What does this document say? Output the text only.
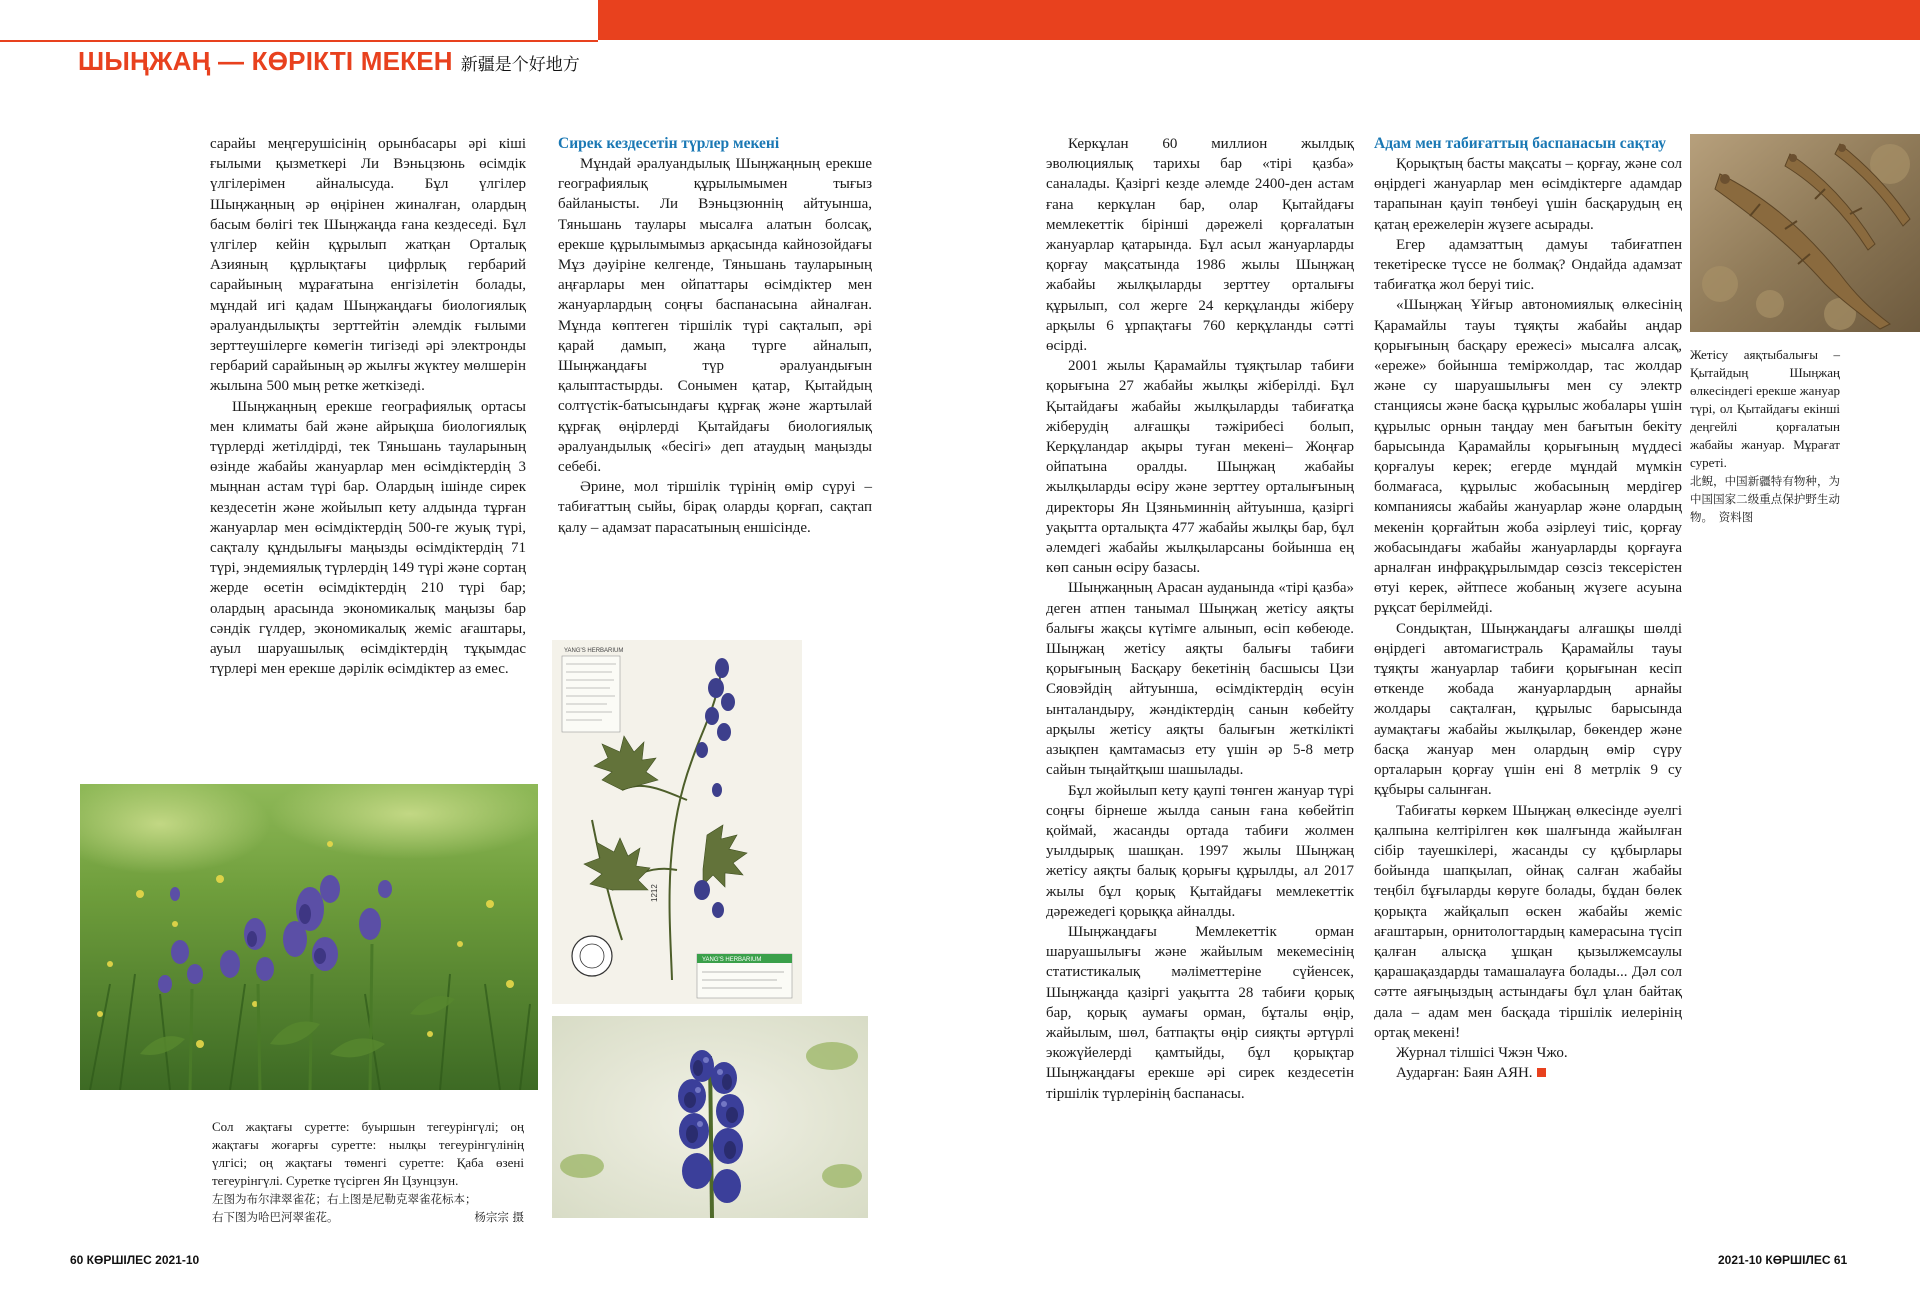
ШЫҢЖАҢ — КӨРІКТІ МЕКЕН 新疆是个好地方

сарайы меңгерушісінің орынбасары әрі кіші ғылыми қызметкері Ли Вэньцзюнь өсімдік үлгілерімен айналысуда. Бұл үлгілер Шыңжаңның әр өңірінен жиналған, олардың басым бөлігі тек Шыңжаңда ғана кездеседі. Бұл үлгілер кейін құрылып жатқан Орталық Азияның құрлықтағы цифрлық гербарий сарайының мұрағатына енгізілетін болады, мұндай игі қадам Шыңжаңдағы биологиялық әралуандылықты зерттейтін әлемдік ғылыми зерттеушілерге көмегін тигізеді әрі электронды гербарий сарайының әр жылғы жүктеу мөлшерін жылына 500 мың ретке жеткізеді.

Шыңжаңның ерекше географиялық ортасы мен климаты бай және айрықша биологиялық түрлерді жетілдірді, тек Тяньшань тауларының өзінде жабайы жануарлар мен өсімдіктердің 3 мыңнан астам түрі бар. Олардың ішінде сирек кездесетін және жойылып кету алдында тұрған жануарлар мен өсімдіктердің 500-ге жуық түрі, сақталу құндылығы маңызды өсімдіктердің 71 түрі, эндемиялық түрлердің 149 түрі және сортаң жерде өсетін өсімдіктердің 210 түрі бар; олардың арасында экономикалық маңызы бар сәндік гүлдер, экономикалық жеміс ағаштары, ауыл шаруашылық өсімдіктердің тұқымдас түрлері мен ерекше дәрілік өсімдіктер аз емес.

Сирек кездесетін түрлер мекені

Мұндай әралуандылық Шыңжаңның ерекше географиялық құрылымымен тығыз байланысты. Ли Вэньцзюннің айтуынша, Тяньшань таулары мысалға алатын болсақ, ерекше құрылымымыз арқасында кайнозойдағы Мұз дәуіріне келгенде, Тяньшань тауларының аңғарлары мен ойпаттары өсімдіктер мен жануарлардың соңғы баспанасына айналған. Мұнда көптеген тіршілік түрі сақталып, әрі қарай дамып, жаңа түрге айналып, Шыңжаңдағы түр әралуандығын қалыптастырды. Сонымен қатар, Қытайдың солтүстік-батысындағы құрғақ және жартылай құрғақ өңірлерді Қытайдағы биологиялық әралуандылық «бесігі» деп атаудың маңызды себебі.

Әрине, мол тіршілік түрінің өмір сүруі – табиғаттың сыйы, бірақ оларды қорғап, сақтап қалу – адамзат парасатының еншісінде.

Керкұлан 60 миллион жылдық эволюциялық тарихы бар «тірі қазба» саналады. Қазіргі кезде әлемде 2400-ден астам ғана керкұлан бар, олар Қытайдағы мемлекеттік бірінші дәрежелі қорғалатын жануарлар қатарында. Бұл асыл жануарларды қорғау мақсатында 1986 жылы Шыңжаң жабайы жылқыларды зерттеу орталығы құрылып, сол жерге 24 керқұланды жіберу арқылы 6 ұрпақтағы 760 керқұланды сәтті өсірді.

2001 жылы Қарамайлы тұяқтылар табиғи қорығына 27 жабайы жылқы жіберілді. Бұл Қытайдағы жабайы жылқыларды табиғатқа жіберудің алғашқы тәжірибесі болып, Керқұландар ақыры туған мекені– Жоңғар ойпатына оралды. Шыңжаң жабайы жылқыларды өсіру және зерттеу орталығының директоры Ян Цзяньминнің айтуынша, қазіргі уақытта орталықта 477 жабайы жылқы бар, бұл әлемдегі жабайы жылқыларсаны бойынша ең көп санын өсіру базасы.

Шыңжаңның Арасан ауданында «тірі қазба» деген атпен танымал Шыңжаң жетісу аяқты балығы жақсы күтімге алынып, өсіп көбеюде. Шыңжаң жетісу аяқты балығы табиғи қорығының Басқару бекетінің басшысы Цзи Сяовэйдің айтуынша, өсімдіктердің өсуін ынталандыру, жәндіктердің санын көбейту арқылы жетісу аяқты балығын жеткілікті азықпен қамтамасыз ету үшін әр 5-8 метр сайын тыңайтқыш шашылады.

Бұл жойылып кету қаупі төнген жануар түрі соңғы бірнеше жылда санын ғана көбейтіп қоймай, жасанды ортада табиғи жолмен уылдырық шашқан. 1997 жылы Шыңжаң жетісу аяқты балық қорығы құрылды, ал 2017 жылы бұл қорық Қытайдағы мемлекеттік дәрежедегі қорыққа айналды.

Шыңжаңдағы Мемлекеттік орман шаруашылығы және жайылым мекемесінің статистикалық мәліметтеріне сүйенсек, Шыңжаңда қазіргі уақытта 28 табиғи қорық бар, қорық аумағы орман, бұталы өңір, жайылым, шөл, батпақты өңір сияқты әртүрлі экожүйелерді қамтыйды, бұл қорықтар Шыңжаңдағы ерекше әрі сирек кездесетін тіршілік түрлерінің баспанасы.

Адам мен табиғаттың баспанасын сақтау

Қорықтың басты мақсаты – қорғау, және сол өңірдегі жануарлар мен өсімдіктерге адамдар тарапынан қауіп төнбеуі үшін басқарудың ең қатаң ережелерін жүзеге асырады.

Егер адамзаттың дамуы табиғатпен текетіреске түссе не болмақ? Ондайда адамзат табиғатқа жол беруі тиіс.

«Шыңжаң Ұйғыр автономиялық өлкесінің Қарамайлы тауы тұяқты жабайы аңдар қорығының басқару ережесі» мысалға алсақ, «ереже» бойынша теміржолдар, тас жолдар және су шаруашылығы мен су электр станциясы және басқа құрылыс жобалары үшін құрылыс орнын таңдау мен бағытын бекіту барысында Қарамайлы қорығының мүддесі қорғалуы керек; егерде мұндай мүмкін болмағаса, құрылыс жобасының мердігер компаниясы жабайы жануарлар және олардың мекенін қорғайтын жоба әзірлеуі тиіс, қорғау жобасындағы жабайы жануарларды қорғауға арналған инфрақұрылымдар сөзсіз тексерістен өтуі керек, әйтпесе жобаның жүзеге асуына рұқсат берілмейді.

Сондықтан, Шыңжаңдағы алғашқы шөлді өңірдегі автомагистраль Қарамайлы тауы тұяқты жануарлар табиғи қорығынан кесіп өткенде жобада жануарлардың арнайы жолдары сақталған, құрылыс барысында аумақтағы жабайы жылқылар, бөкендер және басқа жануар мен олардың өмір сүру орталарын қорғау үшін ені 8 метрлік 9 су құбыры салынған.

Табиғаты көркем Шыңжаң өлкесінде әуелгі қалпына келтірілген көк шалғында жайылған сібір тауешкілері, жасанды су құбырлары бойында шапқылап, ойнақ салған жабайы теңбіл бұғыларды көруге болады, бұдан бөлек қорықта жайқалып өскен жабайы жеміс ағаштарын, орнитологтардың камерасына түсіп қалған алысқа ұшқан қызылжемсаулы қарашақаздарды тамашалауға болады... Дәл сол сәтте аяғыңыздың астындағы бұл ұлан байтақ дала – адам мен басқада тіршілік иелерінің ортақ мекені!

Журнал тілшісі Чжэн Чжо.

Аударған: Баян АЯН.

YANG'S HERBARIUM
YANG'S HERBARIUM
1212
Сол жақтағы суретте: буыршын тегеурінгүлі; оң жақтағы жоғарғы суретте: нылқы тегеурінгүлінің үлгісі; оң жақтағы төменгі суретте: Қаба өзені тегеурінгүлі. Суретке түсірген Ян Цзунцзун.
左图为布尔津翠雀花；右上图是尼勒克翠雀花标本；
右下图为哈巴河翠雀花。	杨宗宗 摄
Жетісу аяқтыбалығы – Қытайдың Шыңжаң өлкесіндегі ерекше жануар түрі, ол Қытайдағы екінші деңгейлі қорғалатын жабайы жануар. Мұрағат суреті.
北鲵，中国新疆特有物种，为中国国家二级重点保护野生动物。　资料图
60 КӨРШІЛЕС 2021-10	2021-10 КӨРШІЛЕС 61
